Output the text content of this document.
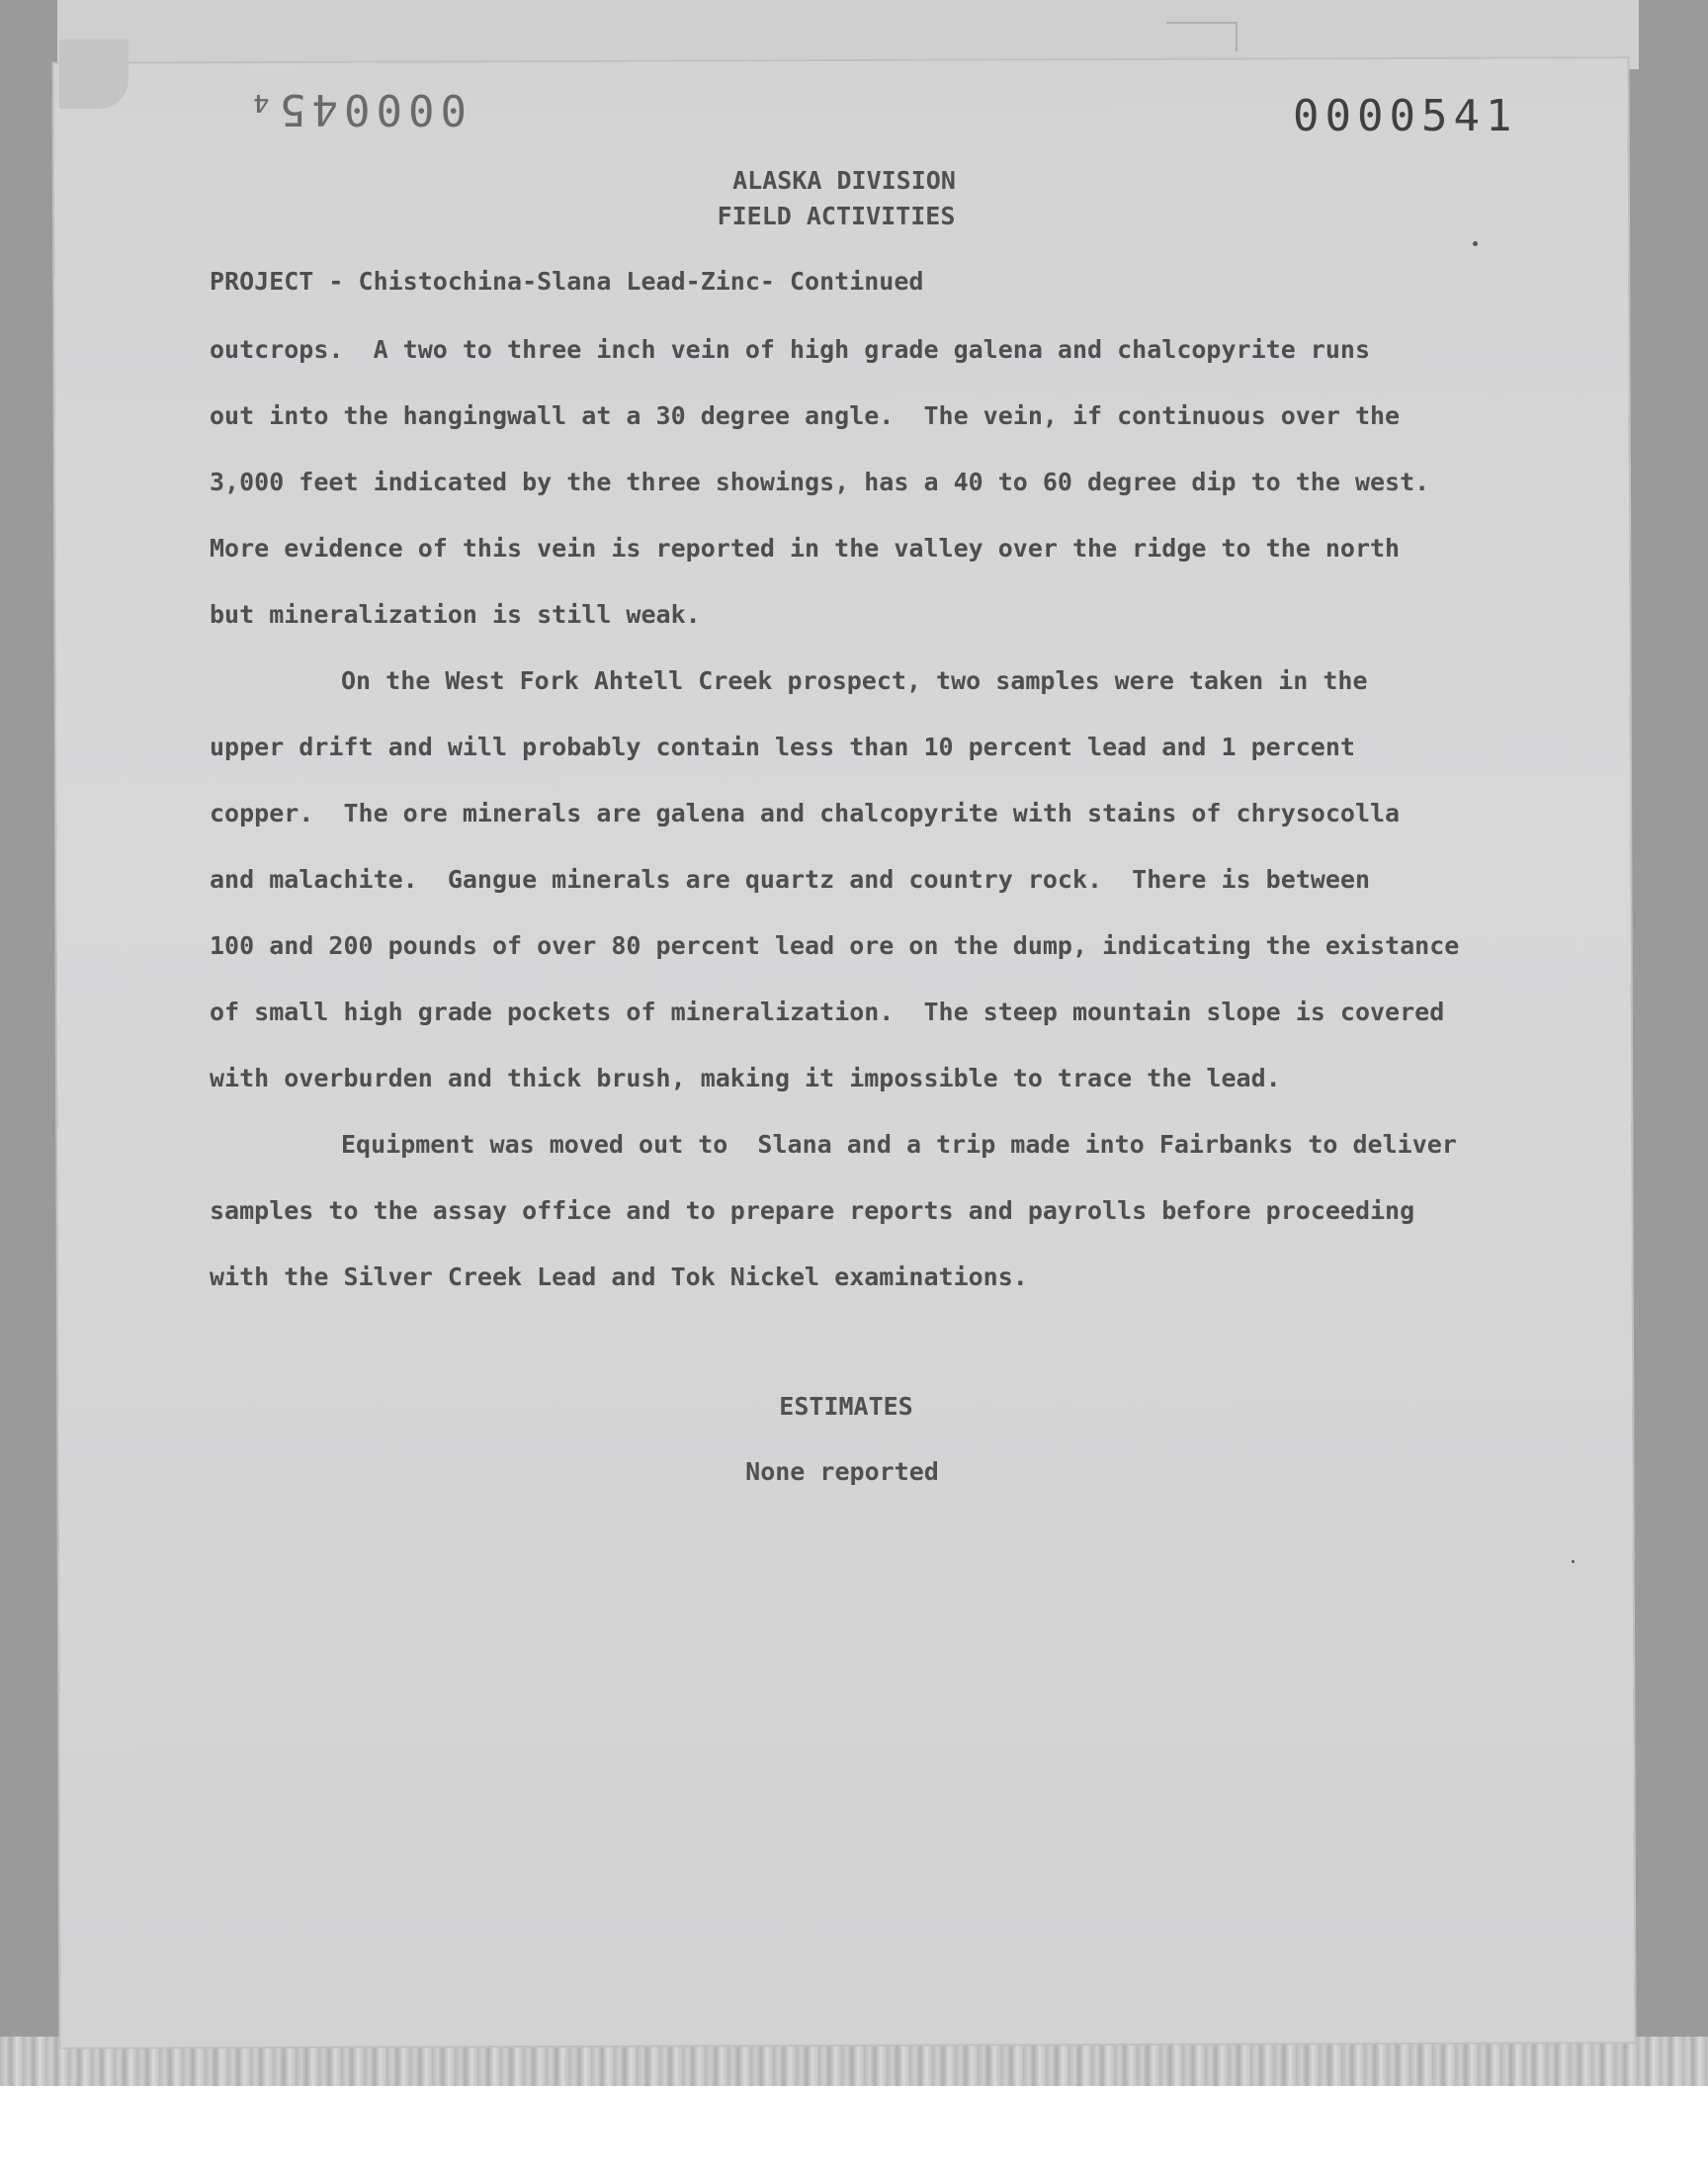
000045₄	0000541
ALASKA DIVISION
FIELD ACTIVITIES
PROJECT - Chistochina-Slana Lead-Zinc- Continued
outcrops.  A two to three inch vein of high grade galena and chalcopyrite runs
out into the hangingwall at a 30 degree angle.  The vein, if continuous over the
3,000 feet indicated by the three showings, has a 40 to 60 degree dip to the west.
More evidence of this vein is reported in the valley over the ridge to the north
but mineralization is still weak.
On the West Fork Ahtell Creek prospect, two samples were taken in the
upper drift and will probably contain less than 10 percent lead and 1 percent
copper.  The ore minerals are galena and chalcopyrite with stains of chrysocolla
and malachite.  Gangue minerals are quartz and country rock.  There is between
100 and 200 pounds of over 80 percent lead ore on the dump, indicating the existance
of small high grade pockets of mineralization.  The steep mountain slope is covered
with overburden and thick brush, making it impossible to trace the lead.
Equipment was moved out to  Slana and a trip made into Fairbanks to deliver
samples to the assay office and to prepare reports and payrolls before proceeding
with the Silver Creek Lead and Tok Nickel examinations.
ESTIMATES
None reported
